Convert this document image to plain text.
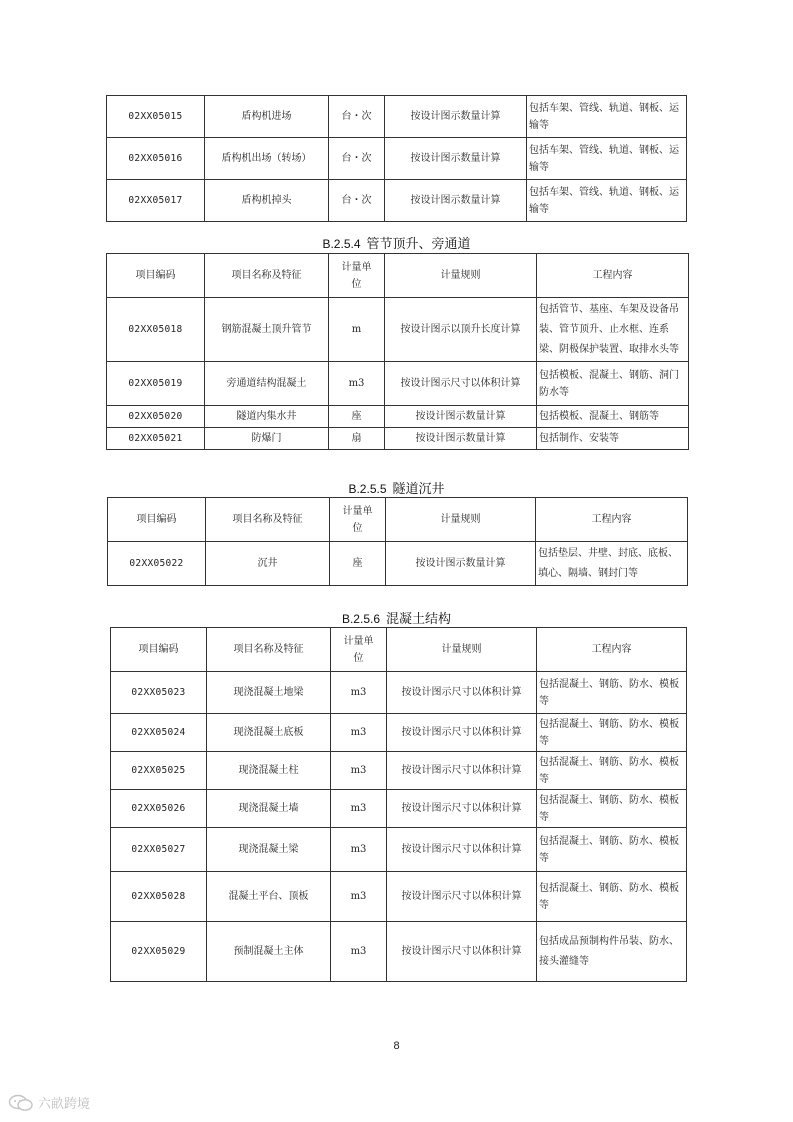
02XX05015	盾构机进场	台・次	按设计图示数量计算	包括车架、管线、轨道、钢板、运输等
02XX05016	盾构机出场（转场）	台・次	按设计图示数量计算	包括车架、管线、轨道、钢板、运输等
02XX05017	盾构机掉头	台・次	按设计图示数量计算	包括车架、管线、轨道、钢板、运输等
B.2.5.4 管节顶升、旁通道
项目编码	项目名称及特征	计量单位	计量规则	工程内容
02XX05018	钢筋混凝土顶升管节	m	按设计图示以顶升长度计算	包括管节、基座、车架及设备吊装、管节顶升、止水框、连系梁、阴极保护装置、取排水头等
02XX05019	旁通道结构混凝土	m3	按设计图示尺寸以体积计算	包括模板、混凝土、钢筋、洞门防水等
02XX05020	隧道内集水井	座	按设计图示数量计算	包括模板、混凝土、钢筋等
02XX05021	防爆门	扇	按设计图示数量计算	包括制作、安装等
B.2.5.5 隧道沉井
项目编码	项目名称及特征	计量单位	计量规则	工程内容
02XX05022	沉井	座	按设计图示数量计算	包括垫层、井壁、封底、底板、填心、隔墙、钢封门等
B.2.5.6 混凝土结构
项目编码	项目名称及特征	计量单位	计量规则	工程内容
02XX05023	现浇混凝土地梁	m3	按设计图示尺寸以体积计算	包括混凝土、钢筋、防水、模板等
02XX05024	现浇混凝土底板	m3	按设计图示尺寸以体积计算	包括混凝土、钢筋、防水、模板等
02XX05025	现浇混凝土柱	m3	按设计图示尺寸以体积计算	包括混凝土、钢筋、防水、模板等
02XX05026	现浇混凝土墙	m3	按设计图示尺寸以体积计算	包括混凝土、钢筋、防水、模板等
02XX05027	现浇混凝土梁	m3	按设计图示尺寸以体积计算	包括混凝土、钢筋、防水、模板等
02XX05028	混凝土平台、顶板	m3	按设计图示尺寸以体积计算	包括混凝土、钢筋、防水、模板等
02XX05029	预制混凝土主体	m3	按设计图示尺寸以体积计算	包括成品预制构件吊装、防水、接头灌缝等
8
六畝跨境
